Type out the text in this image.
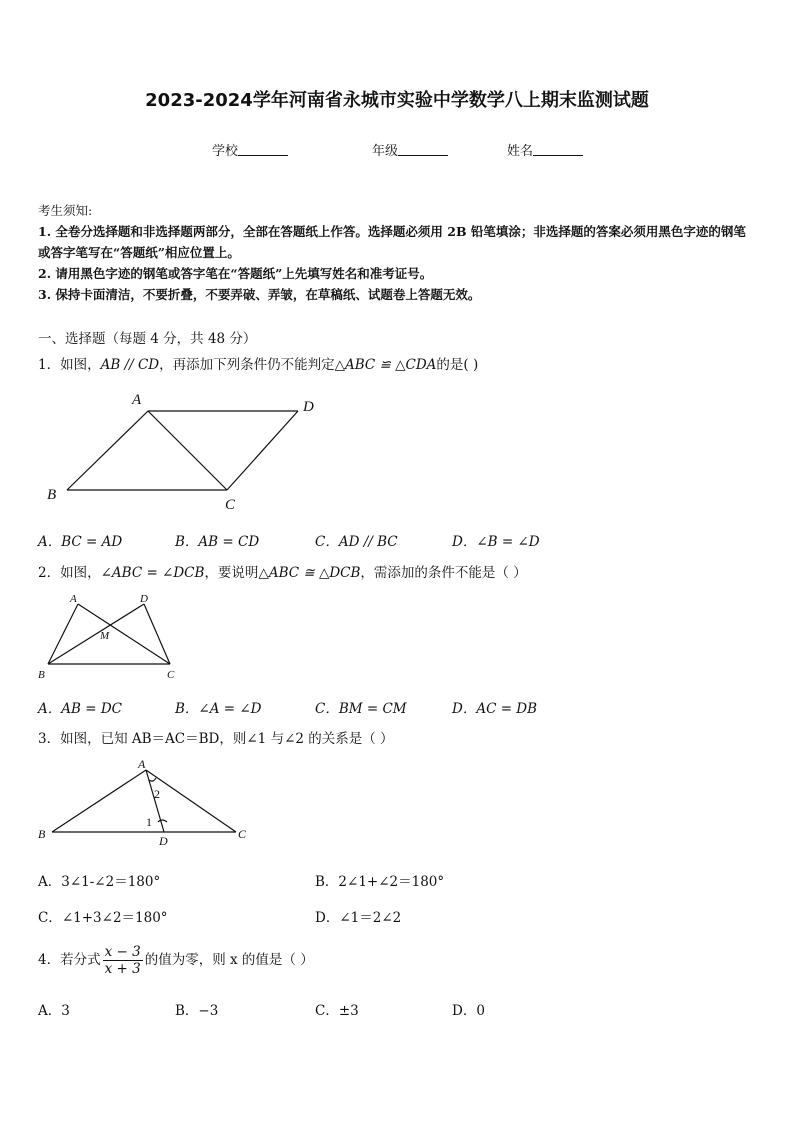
2023-2024学年河南省永城市实验中学数学八上期末监测试题
学校	年级	姓名
考生须知:
1. 全卷分选择题和非选择题两部分，全部在答题纸上作答。选择题必须用 2B 铅笔填涂；非选择题的答案必须用黑色字迹的钢笔或答字笔写在“答题纸”相应位置上。
2. 请用黑色字迹的钢笔或答字笔在“答题纸”上先填写姓名和准考证号。
3. 保持卡面清洁，不要折叠，不要弄破、弄皱，在草稿纸、试题卷上答题无效。
一、选择题（每题 4 分，共 48 分）
1．如图，AB // CD，再添加下列条件仍不能判定△ABC ≌ △CDA的是( )
A	D
B
C
A．BC = AD	B．AB = CD	C．AD // BC	D．∠B = ∠D
2．如图，∠ABC = ∠DCB，要说明△ABC ≅ △DCB，需添加的条件不能是（ ）
A	D
M
B	C
A．AB = DC	B．∠A = ∠D	C．BM = CM	D．AC = DB
3．如图，已知 AB＝AC＝BD，则∠1 与∠2 的关系是（ ）
A
2
1
B	D	C
A．3∠1-∠2＝180°	B．2∠1+∠2＝180°
C．∠1+3∠2＝180°	D．∠1＝2∠2
4．若分式 $\frac{x - 3}{x + 3}$ 的值为零，则 x 的值是（ ）
A．3	B．−3	C．±3	D．0
